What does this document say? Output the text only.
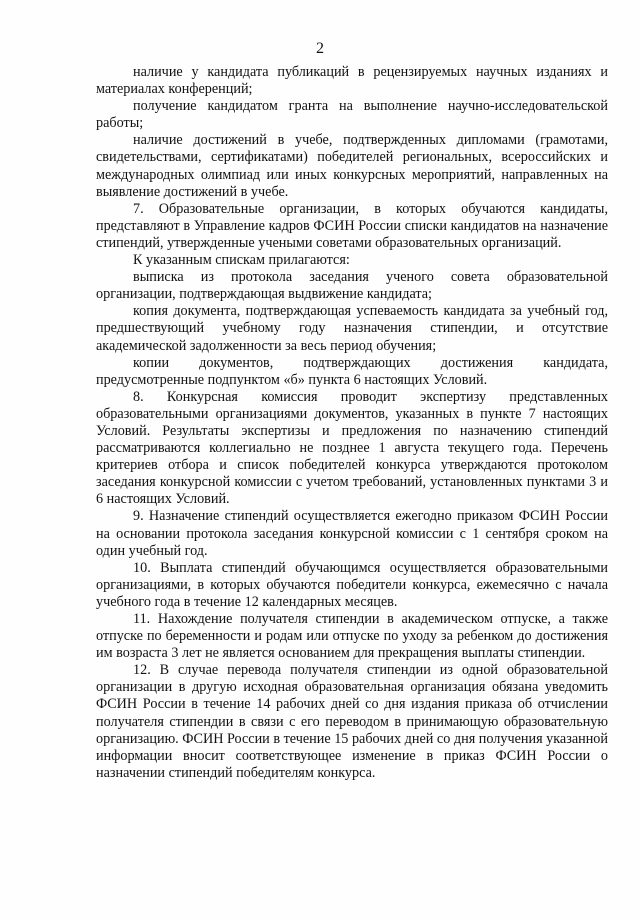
2

наличие у кандидата публикаций в рецензируемых научных изданиях и материалах конференций;

получение кандидатом гранта на выполнение научно-исследовательской работы;

наличие достижений в учебе, подтвержденных дипломами (грамотами, свидетельствами, сертификатами) победителей региональных, всероссийских и международных олимпиад или иных конкурсных мероприятий, направленных на выявление достижений в учебе.

7. Образовательные организации, в которых обучаются кандидаты, представляют в Управление кадров ФСИН России списки кандидатов на назначение стипендий, утвержденные учеными советами образовательных организаций.

К указанным спискам прилагаются:

выписка из протокола заседания ученого совета образовательной организации, подтверждающая выдвижение кандидата;

копия документа, подтверждающая успеваемость кандидата за учебный год, предшествующий учебному году назначения стипендии, и отсутствие академической задолженности за весь период обучения;

копии документов, подтверждающих достижения кандидата, предусмотренные подпунктом «б» пункта 6 настоящих Условий.

8. Конкурсная комиссия проводит экспертизу представленных образовательными организациями документов, указанных в пункте 7 настоящих Условий. Результаты экспертизы и предложения по назначению стипендий рассматриваются коллегиально не позднее 1 августа текущего года. Перечень критериев отбора и список победителей конкурса утверждаются протоколом заседания конкурсной комиссии с учетом требований, установленных пунктами 3 и 6 настоящих Условий.

9. Назначение стипендий осуществляется ежегодно приказом ФСИН России на основании протокола заседания конкурсной комиссии с 1 сентября сроком на один учебный год.

10. Выплата стипендий обучающимся осуществляется образовательными организациями, в которых обучаются победители конкурса, ежемесячно с начала учебного года в течение 12 календарных месяцев.

11. Нахождение получателя стипендии в академическом отпуске, а также отпуске по беременности и родам или отпуске по уходу за ребенком до достижения им возраста 3 лет не является основанием для прекращения выплаты стипендии.

12. В случае перевода получателя стипендии из одной образовательной организации в другую исходная образовательная организация обязана уведомить ФСИН России в течение 14 рабочих дней со дня издания приказа об отчислении получателя стипендии в связи с его переводом в принимающую образовательную организацию. ФСИН России в течение 15 рабочих дней со дня получения указанной информации вносит соответствующее изменение в приказ ФСИН России о назначении стипендий победителям конкурса.
